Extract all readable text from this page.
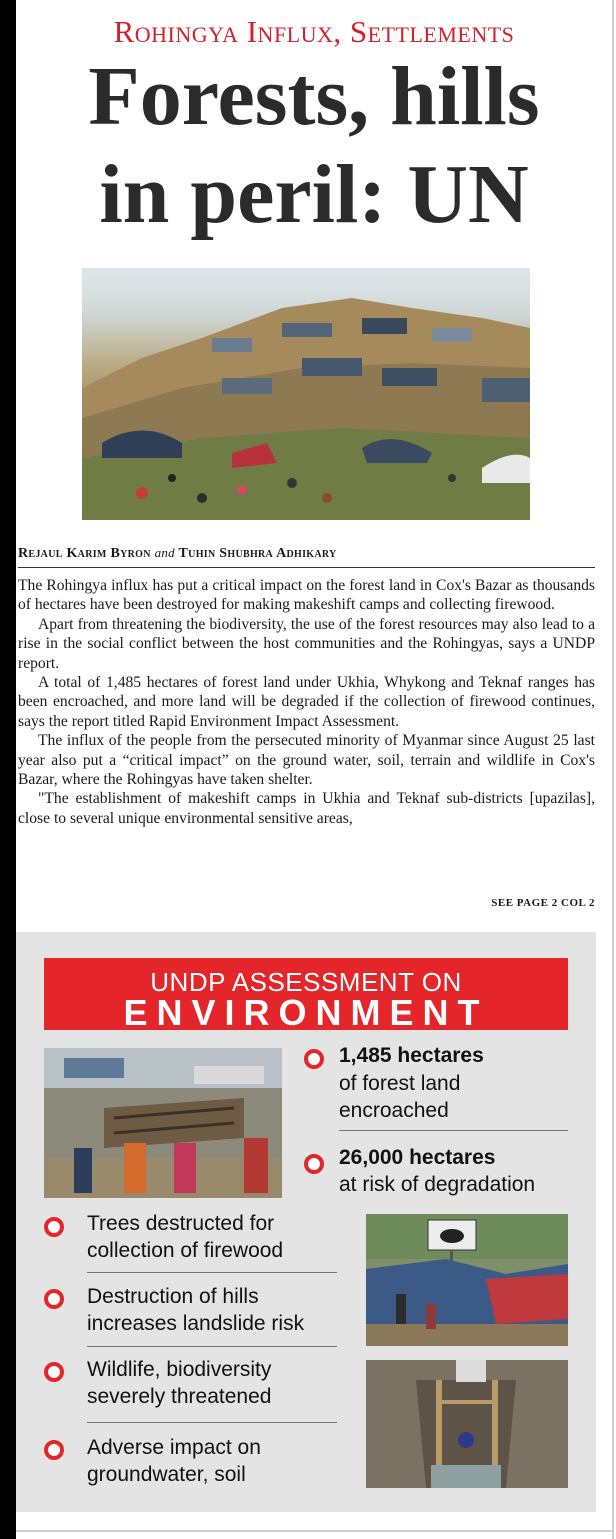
Rohingya Influx, Settlements
Forests, hills
in peril: UN
Rejaul Karim Byron and Tuhin Shubhra Adhikary

The Rohingya influx has put a critical impact on the forest land in Cox's Bazar as thousands of hectares have been destroyed for making makeshift camps and collecting firewood.

Apart from threatening the biodiversity, the use of the forest resources may also lead to a rise in the social conflict between the host communities and the Rohingyas, says a UNDP report.

A total of 1,485 hectares of forest land under Ukhia, Whykong and Teknaf ranges has been encroached, and more land will be degraded if the collection of firewood continues, says the report titled Rapid Environment Impact Assessment.

The influx of the people from the persecuted minority of Myanmar since August 25 last year also put a “critical impact” on the ground water, soil, terrain and wildlife in Cox's Bazar, where the Rohingyas have taken shelter.

"The establishment of makeshift camps in Ukhia and Teknaf sub-districts [upazilas], close to several unique environmental sensitive areas,

SEE PAGE 2 COL 2
UNDP ASSESSMENT ON
ENVIRONMENT
1,485 hectares
of forest land
encroached
26,000 hectares
at risk of degradation
Trees destructed for
collection of firewood
Destruction of hills
increases landslide risk
Wildlife, biodiversity
severely threatened
Adverse impact on
groundwater, soil
